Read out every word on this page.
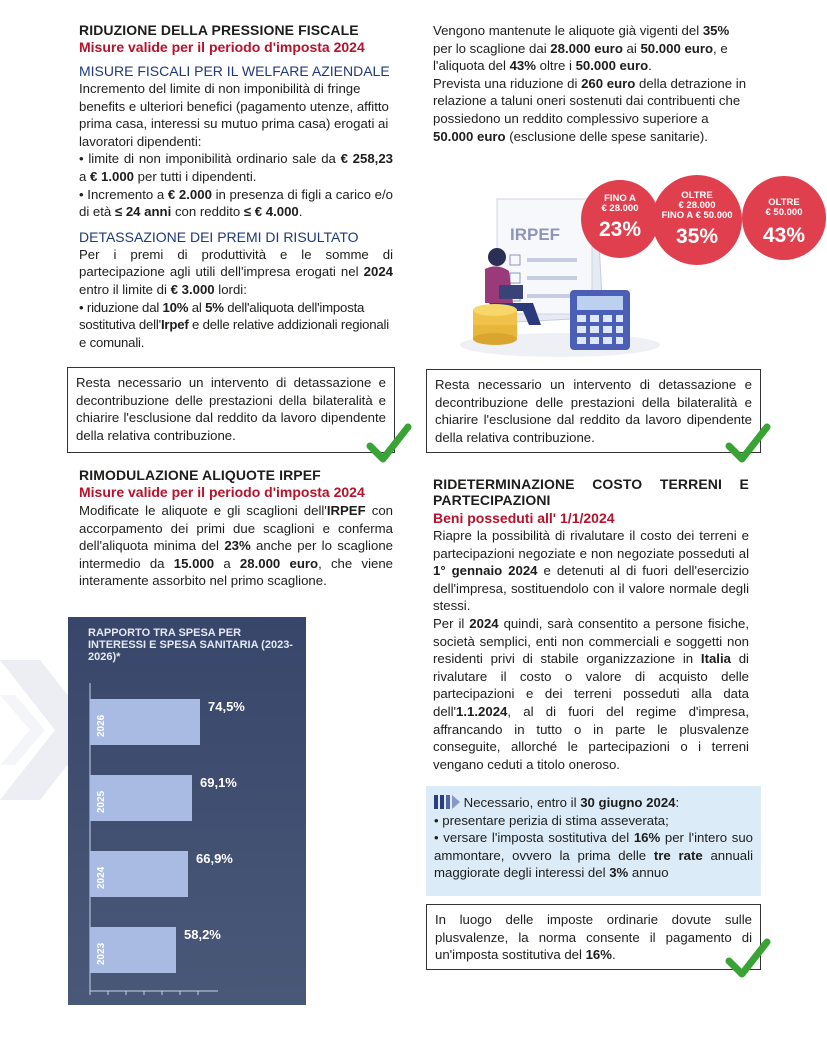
RIDUZIONE DELLA PRESSIONE FISCALE
Misure valide per il periodo d'imposta 2024
MISURE FISCALI PER IL WELFARE AZIENDALE
Incremento del limite di non imponibilità di fringe benefits e ulteriori benefici (pagamento utenze, affitto prima casa, interessi su mutuo prima casa) erogati ai lavoratori dipendenti:
• limite di non imponibilità ordinario sale da € 258,23 a € 1.000 per tutti i dipendenti.
• Incremento a € 2.000 in presenza di figli a carico e/o di età ≤ 24 anni con reddito ≤ € 4.000.
DETASSAZIONE DEI PREMI DI RISULTATO
Per i premi di produttività e le somme di partecipazione agli utili dell'impresa erogati nel 2024 entro il limite di € 3.000 lordi:
• riduzione dal 10% al 5% dell'aliquota dell'imposta sostitutiva dell'Irpef e delle relative addizionali regionali e comunali.
Resta necessario un intervento di detassazione e decontribuzione delle prestazioni della bilateralità e chiarire l'esclusione dal reddito da lavoro dipendente della relativa contribuzione.
RIMODULAZIONE ALIQUOTE IRPEF
Misure valide per il periodo d'imposta 2024
Modificate le aliquote e gli scaglioni dell'IRPEF con accorpamento dei primi due scaglioni e conferma dell'aliquota minima del 23% anche per lo scaglione intermedio da 15.000 a 28.000 euro, che viene interamente assorbito nel primo scaglione.
RAPPORTO TRA SPESA PER INTERESSI E SPESA SANITARIA (2023-2026)*
2026
74,5%
2025
69,1%
2024
66,9%
2023
58,2%
Vengono mantenute le aliquote già vigenti del 35% per lo scaglione dai 28.000 euro ai 50.000 euro, e l'aliquota del 43% oltre i 50.000 euro.
Prevista una riduzione di 260 euro della detrazione in relazione a taluni oneri sostenuti dai contribuenti che possiedono un reddito complessivo superiore a 50.000 euro (esclusione delle spese sanitarie).
IRPEF
FINO A
€ 28.000
23%
OLTRE
€ 28.000
FINO A € 50.000
35%
OLTRE
€ 50.000
43%
Resta necessario un intervento di detassazione e decontribuzione delle prestazioni della bilateralità e chiarire l'esclusione dal reddito da lavoro dipendente della relativa contribuzione.
RIDETERMINAZIONE COSTO TERRENI E
PARTECIPAZIONI
Beni posseduti all' 1/1/2024
Riapre la possibilità di rivalutare il costo dei terreni e partecipazioni negoziate e non negoziate posseduti al 1° gennaio 2024 e detenuti al di fuori dell'esercizio dell'impresa, sostituendolo con il valore normale degli stessi.
Per il 2024 quindi, sarà consentito a persone fisiche, società semplici, enti non commerciali e soggetti non residenti privi di stabile organizzazione in Italia di rivalutare il costo o valore di acquisto delle partecipazioni e dei terreni posseduti alla data dell'1.1.2024, al di fuori del regime d'impresa, affrancando in tutto o in parte le plusvalenze conseguite, allorché le partecipazioni o i terreni vengano ceduti a titolo oneroso.
Necessario, entro il 30 giugno 2024:
• presentare perizia di stima asseverata;
• versare l'imposta sostitutiva del 16% per l'intero suo ammontare, ovvero la prima delle tre rate annuali maggiorate degli interessi del 3% annuo
In luogo delle imposte ordinarie dovute sulle plusvalenze, la norma consente il pagamento di un'imposta sostitutiva del 16%.
